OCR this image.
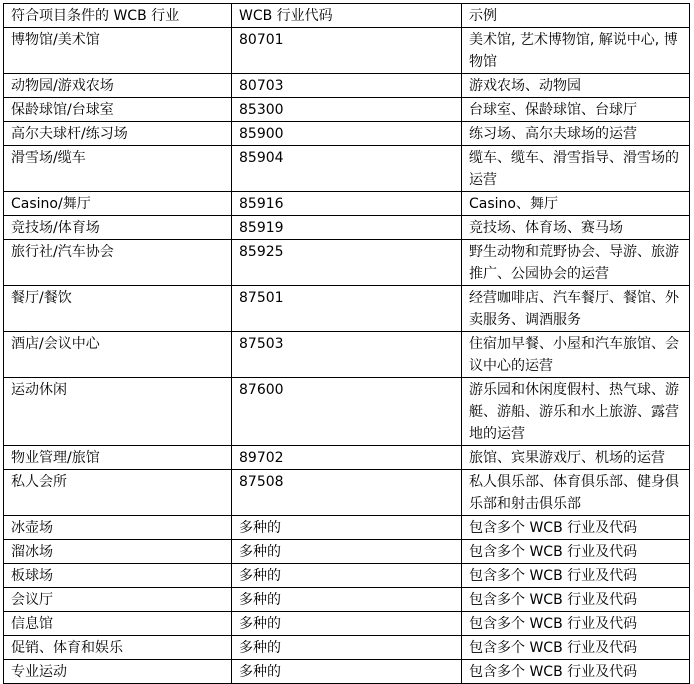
符合项目条件的 WCB 行业	WCB 行业代码	示例
博物馆/美术馆	80701	美术馆, 艺术博物馆, 解说中心, 博物馆
动物园/游戏农场	80703	游戏农场、动物园
保龄球馆/台球室	85300	台球室、保龄球馆、台球厅
高尔夫球杆/练习场	85900	练习场、高尔夫球场的运营
滑雪场/缆车	85904	缆车、缆车、滑雪指导、滑雪场的运营
Casino/舞厅	85916	Casino、舞厅
竞技场/体育场	85919	竞技场、体育场、赛马场
旅行社/汽车协会	85925	野生动物和荒野协会、导游、旅游推广、公园协会的运营
餐厅/餐饮	87501	经营咖啡店、汽车餐厅、餐馆、外卖服务、调酒服务
酒店/会议中心	87503	住宿加早餐、小屋和汽车旅馆、会议中心的运营
运动休闲	87600	游乐园和休闲度假村、热气球、游艇、游船、游乐和水上旅游、露营地的运营
物业管理/旅馆	89702	旅馆、宾果游戏厅、机场的运营
私人会所	87508	私人俱乐部、体育俱乐部、健身俱乐部和射击俱乐部
冰壶场	多种的	包含多个 WCB 行业及代码
溜冰场	多种的	包含多个 WCB 行业及代码
板球场	多种的	包含多个 WCB 行业及代码
会议厅	多种的	包含多个 WCB 行业及代码
信息馆	多种的	包含多个 WCB 行业及代码
促销、体育和娱乐	多种的	包含多个 WCB 行业及代码
专业运动	多种的	包含多个 WCB 行业及代码
